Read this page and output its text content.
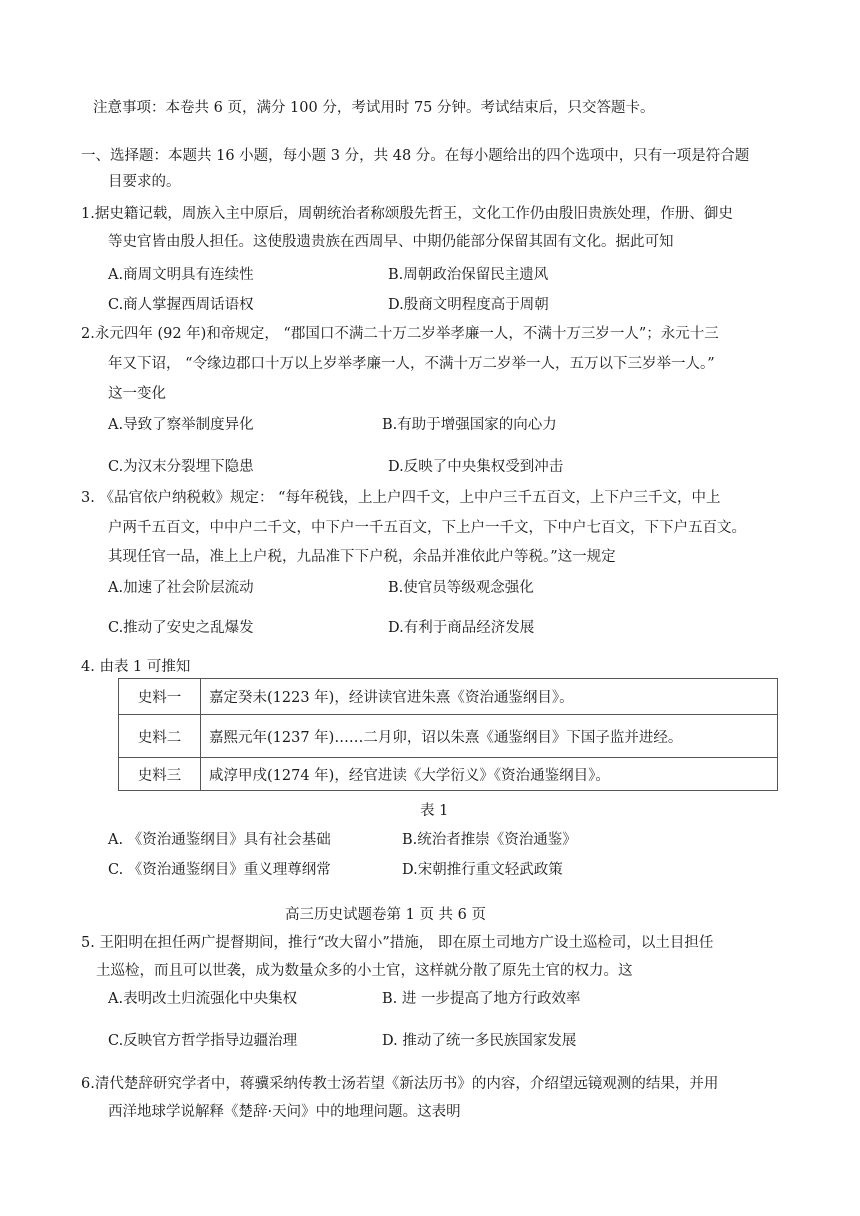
注意事项：本卷共 6 页，满分 100 分，考试用时 75 分钟。考试结束后，只交答题卡。
一、选择题：本题共 16 小题，每小题 3 分，共 48 分。在每小题给出的四个选项中，只有一项是符合题
目要求的。
1.据史籍记载，周族入主中原后，周朝统治者称颂殷先哲王，文化工作仍由殷旧贵族处理，作册、御史
等史官皆由殷人担任。这使殷遗贵族在西周早、中期仍能部分保留其固有文化。据此可知
A.商周文明具有连续性	B.周朝政治保留民主遗风
C.商人掌握西周话语权	D.殷商文明程度高于周朝
2.永元四年 (92 年)和帝规定， “郡国口不满二十万二岁举孝廉一人，不满十万三岁一人”；永元十三
年又下诏， “令缘边郡口十万以上岁举孝廉一人，不满十万二岁举一人，五万以下三岁举一人。”
这一变化
A.导致了察举制度异化	B.有助于增强国家的向心力
C.为汉末分裂埋下隐患	D.反映了中央集权受到冲击
3. 《品官依户纳税敕》规定： “每年税钱，上上户四千文，上中户三千五百文，上下户三千文，中上
户两千五百文，中中户二千文，中下户一千五百文，下上户一千文，下中户七百文，下下户五百文。
其现任官一品，准上上户税，九品准下下户税，余品并准依此户等税。”这一规定
A.加速了社会阶层流动	B.使官员等级观念强化
C.推动了安史之乱爆发	D.有利于商品经济发展
4. 由表 1 可推知
史料一	嘉定癸未(1223 年)，经讲读官进朱熹《资治通鉴纲目》。
史料二	嘉熙元年(1237 年)……二月卯，诏以朱熹《通鉴纲目》下国子监并进经。
史料三	咸淳甲戌(1274 年)，经官进读《大学衍义》《资治通鉴纲目》。
表 1
A. 《资治通鉴纲目》具有社会基础	B.统治者推崇《资治通鉴》
C. 《资治通鉴纲目》重义理尊纲常	D.宋朝推行重文轻武政策
高三历史试题卷第 1 页 共 6 页
5. 王阳明在担任两广提督期间，推行“改大留小”措施， 即在原土司地方广设土巡检司，以土目担任
土巡检，而且可以世袭，成为数量众多的小土官，这样就分散了原先土官的权力。这
A.表明改土归流强化中央集权	B. 进 一步提高了地方行政效率
C.反映官方哲学指导边疆治理	D. 推动了统一多民族国家发展
6.清代楚辞研究学者中，蒋骥采纳传教士汤若望《新法历书》的内容，介绍望远镜观测的结果，并用
西洋地球学说解释《楚辞·天问》中的地理问题。这表明
